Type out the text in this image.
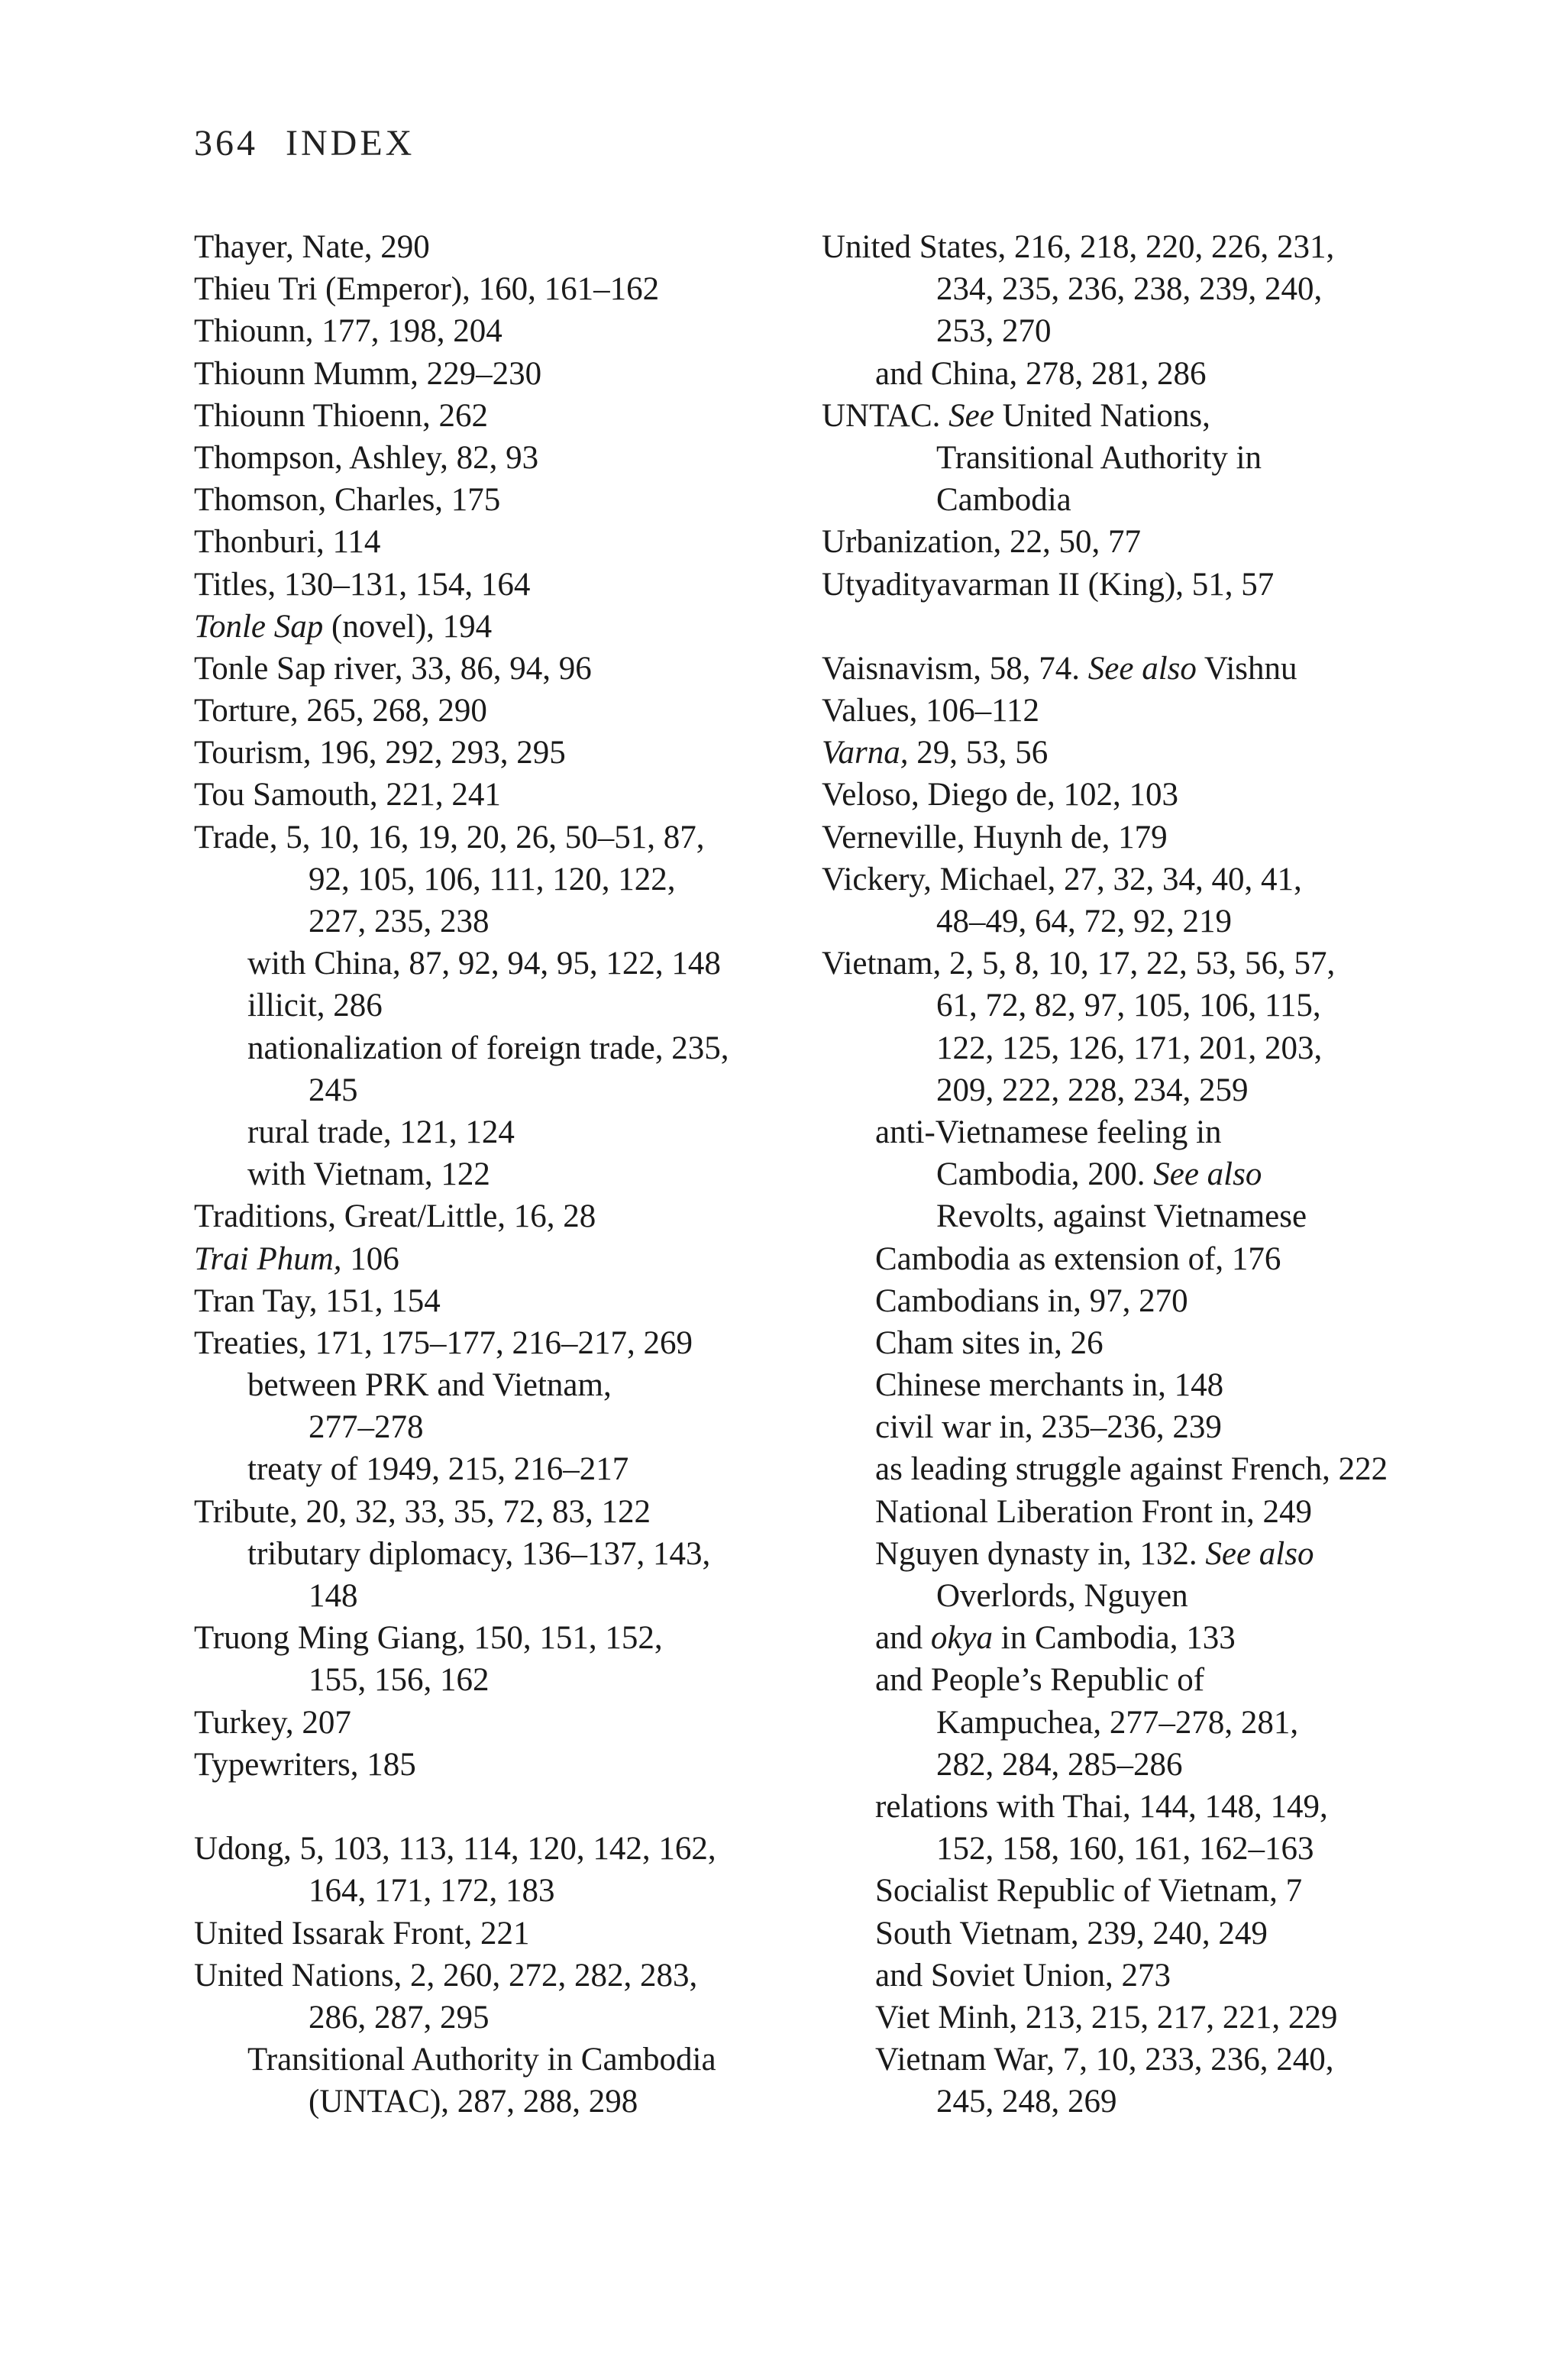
364 INDEX
Thayer, Nate, 290
Thieu Tri (Emperor), 160, 161–162
Thiounn, 177, 198, 204
Thiounn Mumm, 229–230
Thiounn Thioenn, 262
Thompson, Ashley, 82, 93
Thomson, Charles, 175
Thonburi, 114
Titles, 130–131, 154, 164
Tonle Sap (novel), 194
Tonle Sap river, 33, 86, 94, 96
Torture, 265, 268, 290
Tourism, 196, 292, 293, 295
Tou Samouth, 221, 241
Trade, 5, 10, 16, 19, 20, 26, 50–51, 87,
92, 105, 106, 111, 120, 122,
227, 235, 238
with China, 87, 92, 94, 95, 122, 148
illicit, 286
nationalization of foreign trade, 235,
245
rural trade, 121, 124
with Vietnam, 122
Traditions, Great/Little, 16, 28
Trai Phum, 106
Tran Tay, 151, 154
Treaties, 171, 175–177, 216–217, 269
between PRK and Vietnam,
277–278
treaty of 1949, 215, 216–217
Tribute, 20, 32, 33, 35, 72, 83, 122
tributary diplomacy, 136–137, 143,
148
Truong Ming Giang, 150, 151, 152,
155, 156, 162
Turkey, 207
Typewriters, 185
Udong, 5, 103, 113, 114, 120, 142, 162,
164, 171, 172, 183
United Issarak Front, 221
United Nations, 2, 260, 272, 282, 283,
286, 287, 295
Transitional Authority in Cambodia
(UNTAC), 287, 288, 298
United States, 216, 218, 220, 226, 231,
234, 235, 236, 238, 239, 240,
253, 270
and China, 278, 281, 286
UNTAC. See United Nations,
Transitional Authority in
Cambodia
Urbanization, 22, 50, 77
Utyadityavarman II (King), 51, 57
Vaisnavism, 58, 74. See also Vishnu
Values, 106–112
Varna, 29, 53, 56
Veloso, Diego de, 102, 103
Verneville, Huynh de, 179
Vickery, Michael, 27, 32, 34, 40, 41,
48–49, 64, 72, 92, 219
Vietnam, 2, 5, 8, 10, 17, 22, 53, 56, 57,
61, 72, 82, 97, 105, 106, 115,
122, 125, 126, 171, 201, 203,
209, 222, 228, 234, 259
anti-Vietnamese feeling in
Cambodia, 200. See also
Revolts, against Vietnamese
Cambodia as extension of, 176
Cambodians in, 97, 270
Cham sites in, 26
Chinese merchants in, 148
civil war in, 235–236, 239
as leading struggle against French, 222
National Liberation Front in, 249
Nguyen dynasty in, 132. See also
Overlords, Nguyen
and okya in Cambodia, 133
and People’s Republic of
Kampuchea, 277–278, 281,
282, 284, 285–286
relations with Thai, 144, 148, 149,
152, 158, 160, 161, 162–163
Socialist Republic of Vietnam, 7
South Vietnam, 239, 240, 249
and Soviet Union, 273
Viet Minh, 213, 215, 217, 221, 229
Vietnam War, 7, 10, 233, 236, 240,
245, 248, 269
